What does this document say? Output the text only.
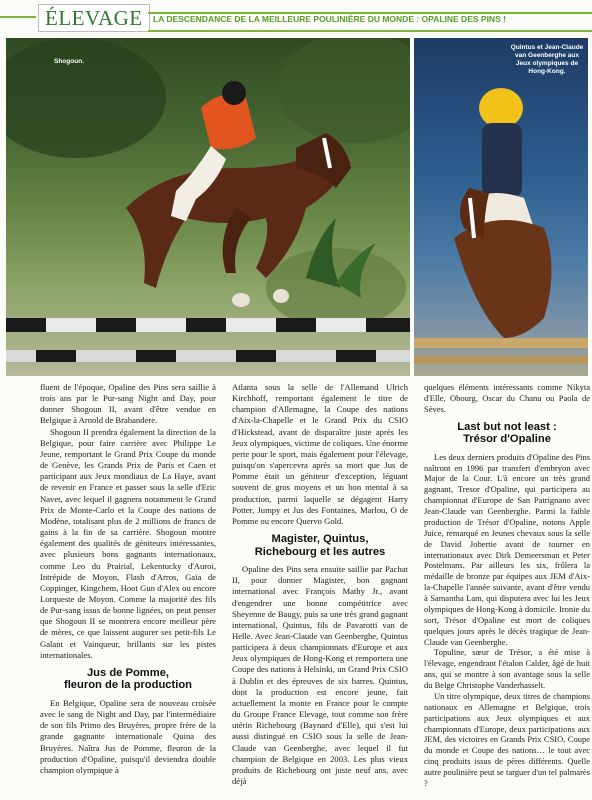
ÉLEVAGE	LA DESCENDANCE DE LA MEILLEURE POULINIÈRE DU MONDE : OPALINE DES PINS !
Shogoun.
Quintus et Jean-Claude van Geenberghe aux Jeux olympiques de Hong-Kong.

fluent de l'époque, Opaline des Pins sera saillie à trois ans par le Pur-sang Night and Day, pour donner Shogoun II, avant d'être vendue en Belgique à Arnold de Brabandere.

Shogoun II prendra également la direction de la Belgique, pour faire carrière avec Philippe Le Jeune, remportant le Grand Prix Coupe du monde de Genève, les Grands Prix de Paris et Caen et participant aux Jeux mondiaux de La Haye, avant de revenir en France et passer sous la selle d'Eric Navet, avec lequel il gagnera notamment le Grand Prix de Monte-Carlo et la Coupe des nations de Modène, totalisant plus de 2 millions de francs de gains à la fin de sa carrière. Shogoun montre également des qualités de géniteurs intéressantes, avec plusieurs bons gagnants internationaux, comme Leo du Prairial, Lekentucky d'Auroi, Intrépide de Moyon, Flash d'Arros, Gaïa de Coppinger, Kingchem, Hoot Gun d'Alex ou encore Lorqueste de Moyon. Comme la majorité des fils de Pur-sang issus de bonne lignées, on peut penser que Shogoun II se montrera encore meilleur père de mères, ce que laissent augurer ses petit-fils Le Galant et Vainqueur, brillants sur les pistes internationales.

Jus de Pomme,
fleuron de la production

En Belgique, Opaline sera de nouveau croisée avec le sang de Night and Day, par l'intermédiaire de son fils Primo des Bruyères, propre frère de la grande gagnante internationale Quina des Bruyères. Naîtra Jus de Pomme, fleuron de la production d'Opaline, puisqu'il deviendra double champion olympique à

Atlanta sous la selle de l'Allemand Ulrich Kirchhoff, remportant également le titre de champion d'Allemagne, la Coupe des nations d'Aix-la-Chapelle et le Grand Prix du CSIO d'Hickstead, avant de disparaître juste après les Jeux olympiques, victime de coliques. Une énorme perte pour le sport, mais également pour l'élevage, puisqu'on s'apercevra après sa mort que Jus de Pomme était un géniteur d'exception, léguant souvent de gros moyens et un bon mental à sa production, parmi laquelle se dégagent Harry Potter, Jumpy et Jus des Fontaines, Marlou, O de Pomme ou encore Quervo Gold.

Magister, Quintus,
Richebourg et les autres

Opaline des Pins sera ensuite saillie par Pachat II, pour donner Magister, bon gagnant international avec François Mathy Jr., avant d'engendrer une bonne compétitrice avec Sheyenne de Baugy, puis sa une très grand gagnant international, Quintus, fils de Pavarotti van de Helle. Avec Jean-Claude van Geenberghe, Quintus participera à deux championnats d'Europe et aux Jeux olympiques de Hong-Kong et remportera une Coupe des nations à Helsinki, un Grand Prix CSIO à Dublin et des épreuves de six barres. Quintus, dont la production est encore jeune, fait actuellement la monte en France pour le compte du Groupe France Elevage, tout comme son frère utérin Richebourg (Baynard d'Elle), qui s'est lui aussi distingué en CSIO sous la selle de Jean-Claude van Geenberghe, avec lequel il fut champion de Belgique en 2003. Les plus vieux produits de Richebourg ont juste neuf ans, avec déjà

quelques éléments intéressants comme Nikyta d'Elle, Obourg, Oscar du Chanu ou Paola de Sèves.

Last but not least :
Trésor d'Opaline

Les deux derniers produits d'Opaline des Pins naîtront en 1996 par transfert d'embryon avec Major de la Cour. L'à encore un très grand gagnant, Tresor d'Opaline, qui participera au championnat d'Europe de San Patrignano avec Jean-Claude van Geenberghe. Parmi la faible production de Trésor d'Opaline, notons Apple Juice, remarqué en Jeunes chevaux sous la selle de David Jobertie avant de tourner en internationaux avec Dirk Demeersman et Peter Postelmans. Par ailleurs les six, frôlera la médaille de bronze par équipes aux JEM d'Aix-la-Chapelle l'année suivante, avant d'être vendu à Samantha Lam, qui disputera avec lui les Jeux olympiques de Hong-Kong à domicile. Ironie du sort, Trésor d'Opaline est mort de coliques quelques jours après le décès tragique de Jean-Claude van Geenberghe.

Topuline, sœur de Trésor, a été mise à l'élevage, engendrant l'étalon Calder, âgé de huit ans, qui se montre à son avantage sous la selle du Belge Christophe Vanderhasselt.

Un titre olympique, deux titres de champions nationaux en Allemagne et Belgique, trois participations aux Jeux olympiques et aux championnats d'Europe, deux participations aux JEM, des victoires en Grands Prix CSIO, Coupe du monde et Coupe des nations… le tout avec cinq produits issus de pères différents. Quelle autre poulinière peut se targuer d'un tel palmarès ?
